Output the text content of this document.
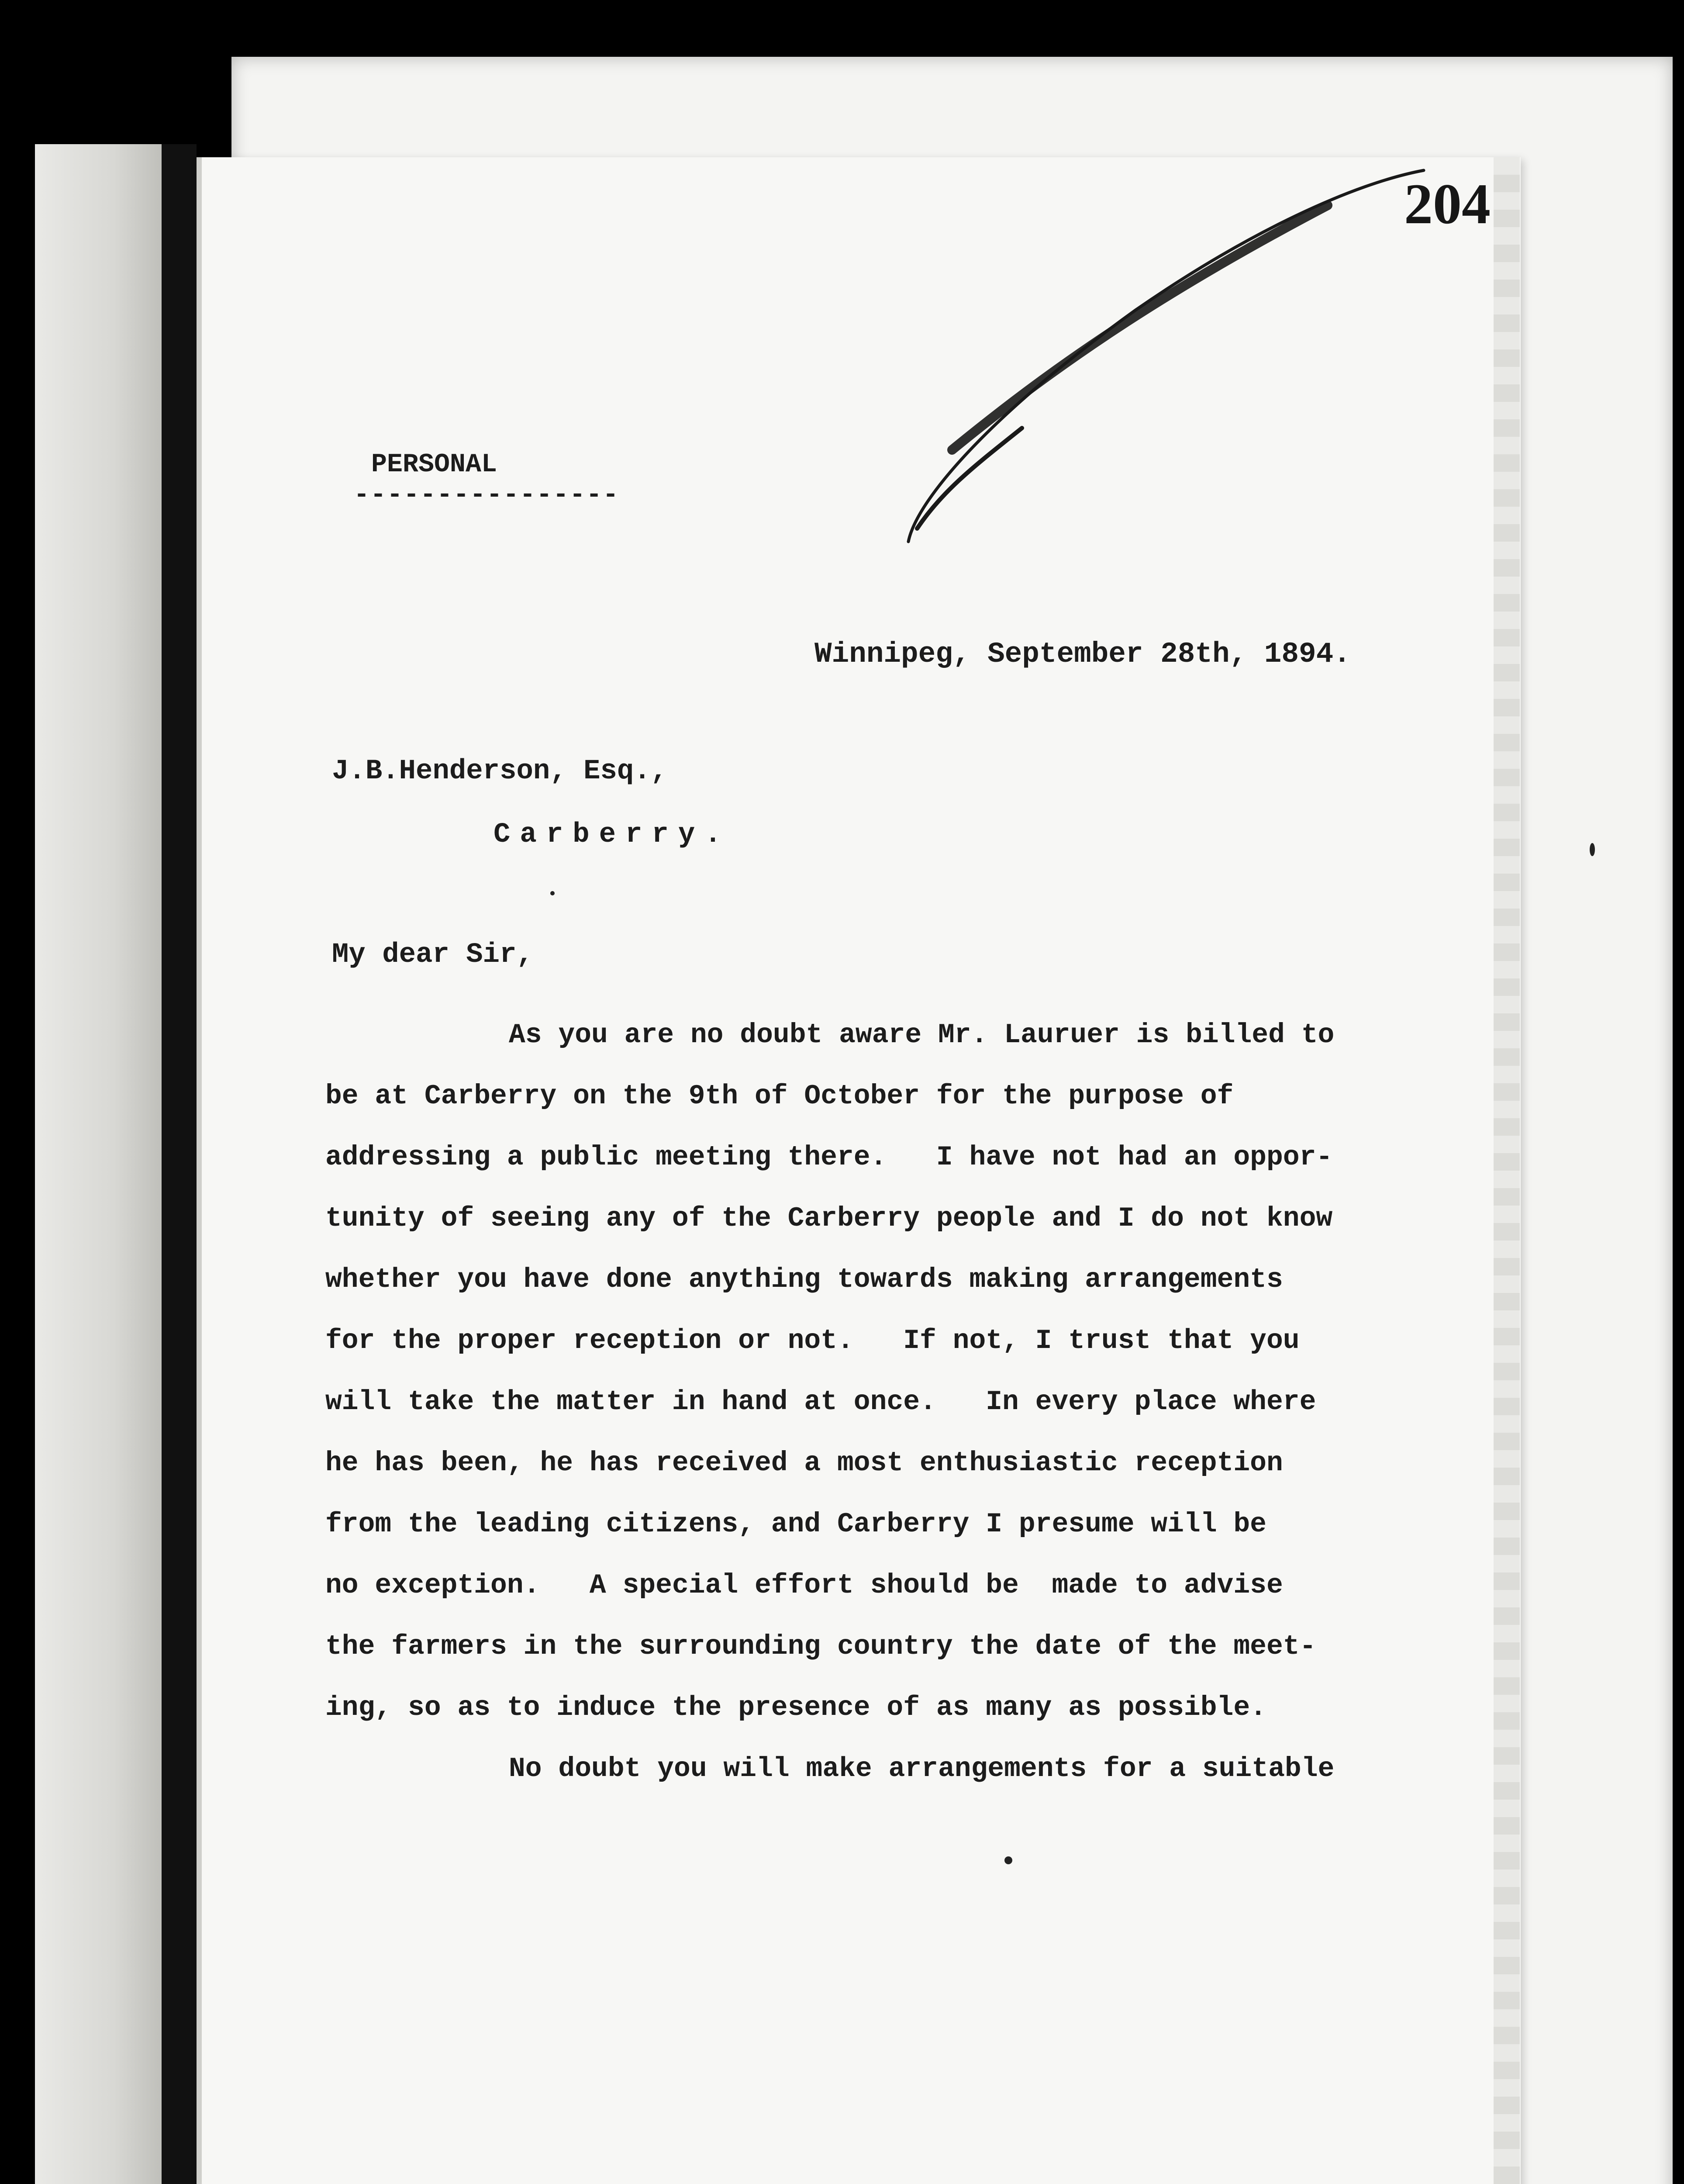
204
PERSONAL
----------------
Winnipeg, September 28th, 1894.
J.B.Henderson, Esq.,
Carberry.
My dear Sir,
As you are no doubt aware Mr. Lauruer is billed to
be at Carberry on the 9th of October for the purpose of
addressing a public meeting there.   I have not had an oppor-
tunity of seeing any of the Carberry people and I do not know
whether you have done anything towards making arrangements
for the proper reception or not.   If not, I trust that you
will take the matter in hand at once.   In every place where
he has been, he has received a most enthusiastic reception
from the leading citizens, and Carberry I presume will be
no exception.   A special effort should be  made to advise
the farmers in the surrounding country the date of the meet-
ing, so as to induce the presence of as many as possible.
No doubt you will make arrangements for a suitable
